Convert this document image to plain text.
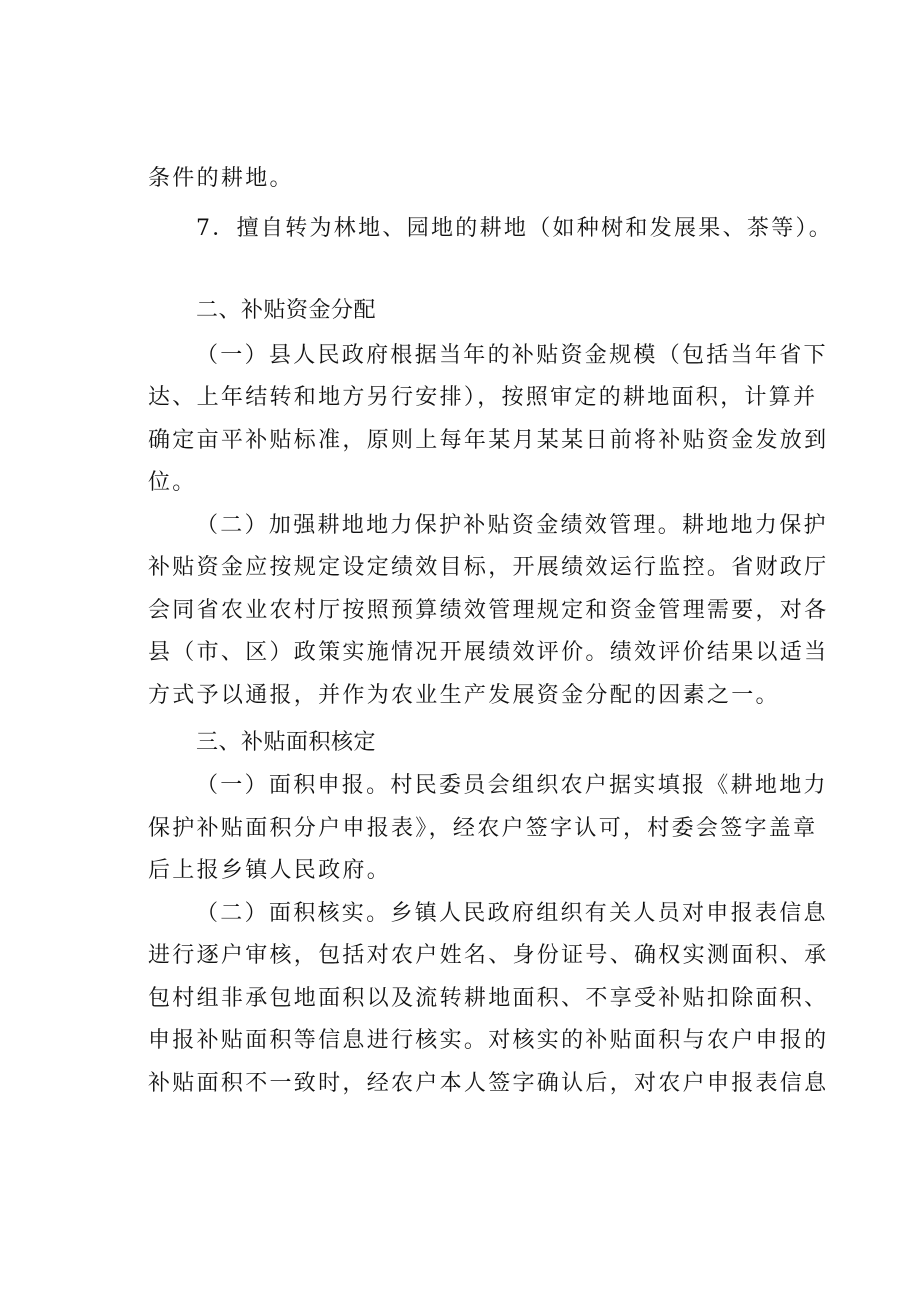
条件的耕地。
7．擅自转为林地、园地的耕地（如种树和发展果、茶等）。
二、补贴资金分配
（一）县人民政府根据当年的补贴资金规模（包括当年省下
达、上年结转和地方另行安排），按照审定的耕地面积，计算并
确定亩平补贴标准，原则上每年某月某某日前将补贴资金发放到
位。
（二）加强耕地地力保护补贴资金绩效管理。耕地地力保护
补贴资金应按规定设定绩效目标，开展绩效运行监控。省财政厅
会同省农业农村厅按照预算绩效管理规定和资金管理需要，对各
县（市、区）政策实施情况开展绩效评价。绩效评价结果以适当
方式予以通报，并作为农业生产发展资金分配的因素之一。
三、补贴面积核定
（一）面积申报。村民委员会组织农户据实填报《耕地地力
保护补贴面积分户申报表》，经农户签字认可，村委会签字盖章
后上报乡镇人民政府。
（二）面积核实。乡镇人民政府组织有关人员对申报表信息
进行逐户审核，包括对农户姓名、身份证号、确权实测面积、承
包村组非承包地面积以及流转耕地面积、不享受补贴扣除面积、
申报补贴面积等信息进行核实。对核实的补贴面积与农户申报的
补贴面积不一致时，经农户本人签字确认后，对农户申报表信息
